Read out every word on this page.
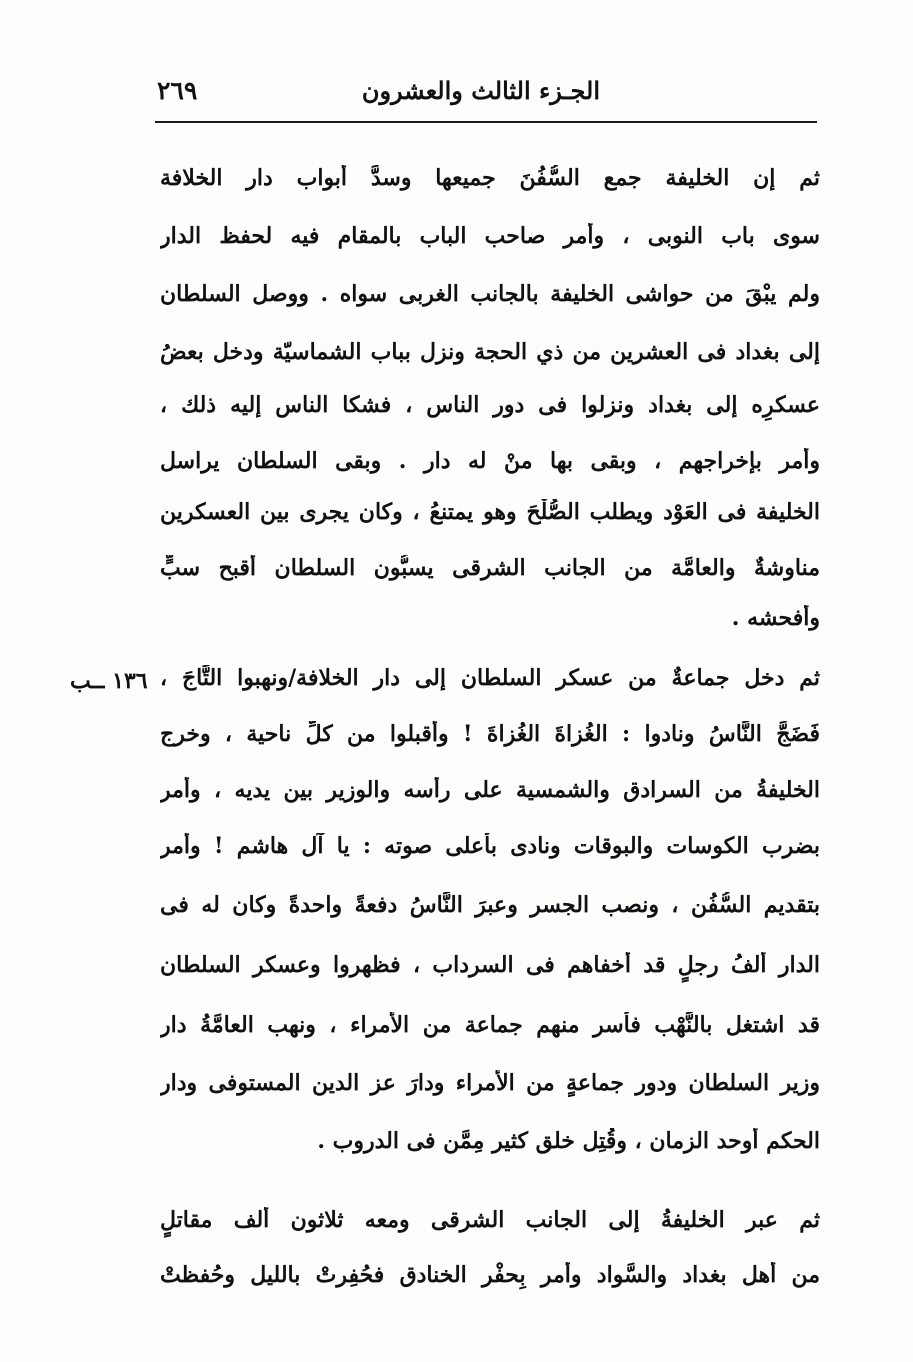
الجـزء الثالث والعشرون
٢٦٩
ثم إن الخليفة جمع السُّفُنَ جميعها وسدَّ أبواب دار الخلافة
سوى باب النوبى ، وأمر صاحب الباب بالمقام فيه لحفظ الدار
ولم يبْقَ من حواشى الخليفة بالجانب الغربى سواه . ووصل السلطان
إلى بغداد فى العشرين من ذي الحجة ونزل بباب الشماسيّة ودخل بعضُ
عسكرِه إلى بغداد ونزلوا فى دور الناس ، فشكا الناس إليه ذلك ،
وأمر بإخراجهم ، وبقى بها منْ له دار . وبقى السلطان يراسل
الخليفة فى العَوْد ويطلب الصُّلْحَ وهو يمتنعُ ، وكان يجرى بين العسكرين
مناوشةٌ والعامَّة من الجانب الشرقى يسبُّون السلطان أقبح سبٍّ
وأفحشه .
١٣٦ ــب ثم دخل جماعةٌ من عسكر السلطان إلى دار الخلافة/ونهبوا التَّاجَ ،
فَضَجَّ النَّاسُ ونادوا : الغُزاةَ الغُزاةَ ! وأقبلوا من كلِّ ناحية ، وخرج
الخليفةُ من السرادق والشمسية على رأسه والوزير بين يديه ، وأمر
بضرب الكوسات والبوقات ونادى بأعلى صوته : يا آل هاشم ! وأمر
بتقديم السُّفُن ، ونصب الجسر وعبرَ النَّاسُ دفعةً واحدةً وكان له فى
الدار ألفُ رجلٍ قد أخفاهم فى السرداب ، فظهروا وعسكر السلطان
قد اشتغل بالنَّهْب فأسر منهم جماعة من الأُمراء ، ونهب العامَّةُ دار
وزير السلطان ودور جماعةٍ من الأُمراء ودارَ عز الدين المستوفى ودار
الحكم أوحد الزمان ، وقُتِل خلق كثير مِمَّن فى الدروب .
ثم عبر الخليفةُ إلى الجانب الشرقى ومعه ثلاثون ألف مقاتلٍ
من أهل بغداد والسَّواد وأمر بِحفْر الخنادق فحُفِرتْ بالليل وحُفظتْ
